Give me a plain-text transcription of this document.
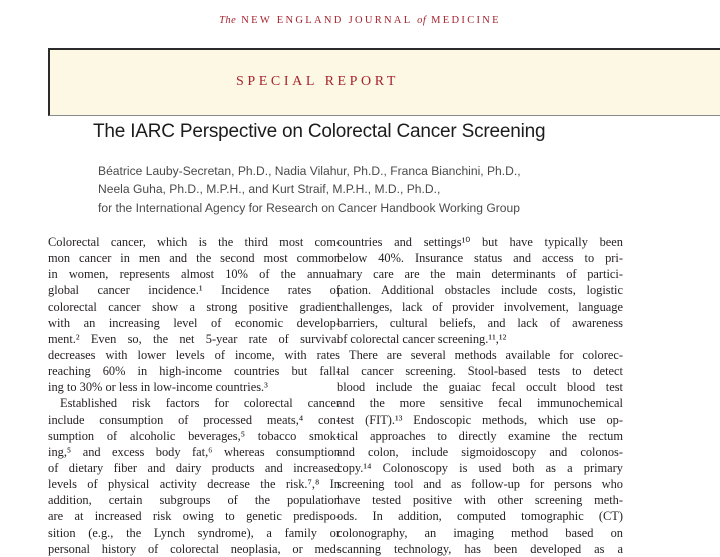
The NEW ENGLAND JOURNAL of MEDICINE
SPECIAL REPORT
The IARC Perspective on Colorectal Cancer Screening
Béatrice Lauby-Secretan, Ph.D., Nadia Vilahur, Ph.D., Franca Bianchini, Ph.D.,
Neela Guha, Ph.D., M.P.H., and Kurt Straif, M.P.H., M.D., Ph.D.,
for the International Agency for Research on Cancer Handbook Working Group
Colorectal cancer, which is the third most com-
mon cancer in men and the second most common
in women, represents almost 10% of the annual
global cancer incidence.¹ Incidence rates of
colorectal cancer show a strong positive gradient
with an increasing level of economic develop-
ment.² Even so, the net 5-year rate of survival
decreases with lower levels of income, with rates
reaching 60% in high-income countries but fall-
ing to 30% or less in low-income countries.³
Established risk factors for colorectal cancer
include consumption of processed meats,⁴ con-
sumption of alcoholic beverages,⁵ tobacco smok-
ing,⁵ and excess body fat,⁶ whereas consumption
of dietary fiber and dairy products and increased
levels of physical activity decrease the risk.⁷,⁸ In
addition, certain subgroups of the population
are at increased risk owing to genetic predispo-
sition (e.g., the Lynch syndrome), a family or
personal history of colorectal neoplasia, or med-
countries and settings¹⁰ but have typically been
below 40%. Insurance status and access to pri-
mary care are the main determinants of partici-
pation. Additional obstacles include costs, logistic
challenges, lack of provider involvement, language
barriers, cultural beliefs, and lack of awareness
of colorectal cancer screening.¹¹,¹²
There are several methods available for colorec-
tal cancer screening. Stool-based tests to detect
blood include the guaiac fecal occult blood test
and the more sensitive fecal immunochemical
test (FIT).¹³ Endoscopic methods, which use op-
tical approaches to directly examine the rectum
and colon, include sigmoidoscopy and colonos-
copy.¹⁴ Colonoscopy is used both as a primary
screening tool and as follow-up for persons who
have tested positive with other screening meth-
ods. In addition, computed tomographic (CT)
colonography, an imaging method based on
scanning technology, has been developed as a
